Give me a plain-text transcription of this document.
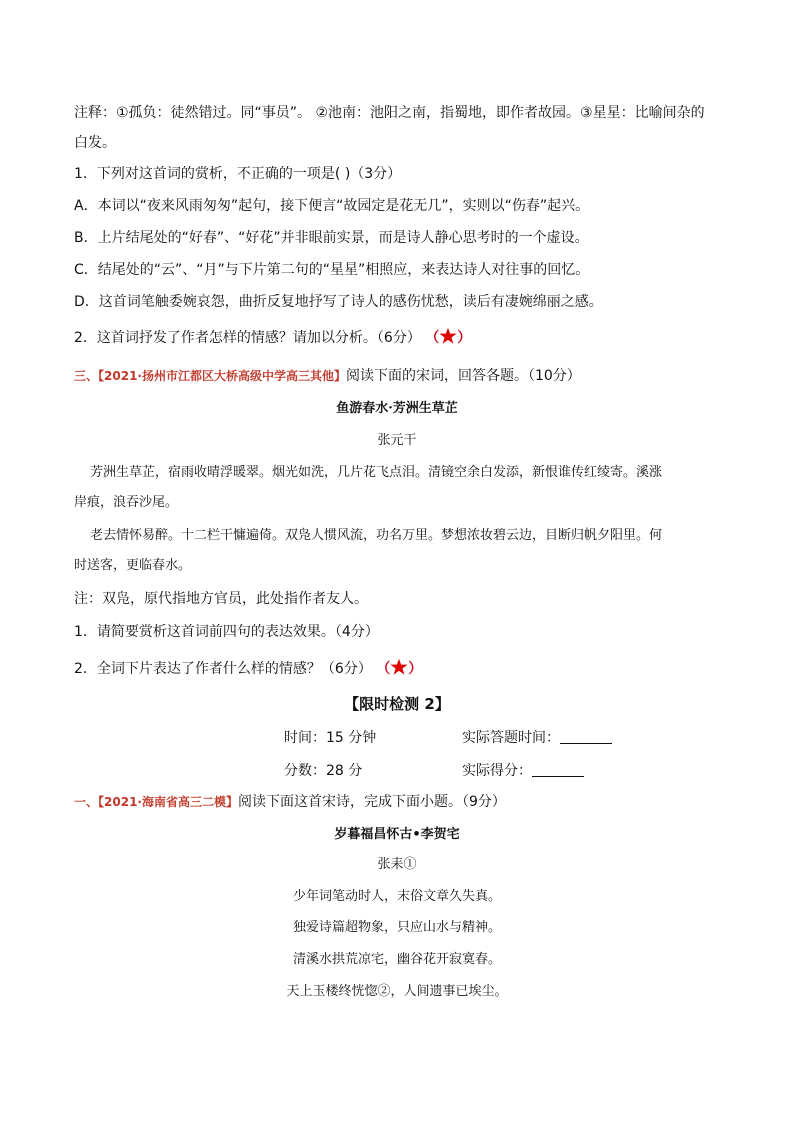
注释：①孤负：徒然错过。同“事员”。 ②池南：池阳之南，指蜀地，即作者故园。③星星：比喻间杂的
白发。
1．下列对这首词的赏析，不正确的一项是( )（3分）
A．本词以“夜来风雨匆匆”起句，接下便言“故园定是花无几”，实则以“伤春”起兴。
B．上片结尾处的“好春”、“好花”并非眼前实景，而是诗人静心思考时的一个虚设。
C．结尾处的“云”、“月”与下片第二句的“星星”相照应，来表达诗人对往事的回忆。
D．这首词笔触委婉哀怨，曲折反复地抒写了诗人的感伤忧愁，读后有凄婉绵丽之感。
2．这首词抒发了作者怎样的情感？请加以分析。（6分） （ ）
三、【2021·扬州市江都区大桥高级中学高三其他】阅读下面的宋词，回答各题。（10分）
鱼游春水·芳洲生草芷
张元干
芳洲生草芷，宿雨收晴浮暖翠。烟光如洗，几片花飞点泪。清镜空余白发添，新恨谁传红绫寄。溪涨
岸痕，浪吞沙尾。
老去情怀易醉。十二栏干慵遍倚。双凫人惯风流，功名万里。梦想浓妆碧云边，目断归帆夕阳里。何
时送客，更临春水。
注：双凫，原代指地方官员，此处指作者友人。
1．请简要赏析这首词前四句的表达效果。（4分）
2．全词下片表达了作者什么样的情感？（6分） （ ）
【限时检测 2】
时间：15 分钟	实际答题时间：
分数：28 分	实际得分：
一、【2021·海南省高三二模】阅读下面这首宋诗，完成下面小题。（9分）
岁暮福昌怀古•李贺宅
张耒①
少年词笔动时人，末俗文章久失真。
独爱诗篇超物象，只应山水与精神。
清溪水拱荒凉宅，幽谷花开寂寞春。
天上玉楼终恍惚②，人间遗事已埃尘。
